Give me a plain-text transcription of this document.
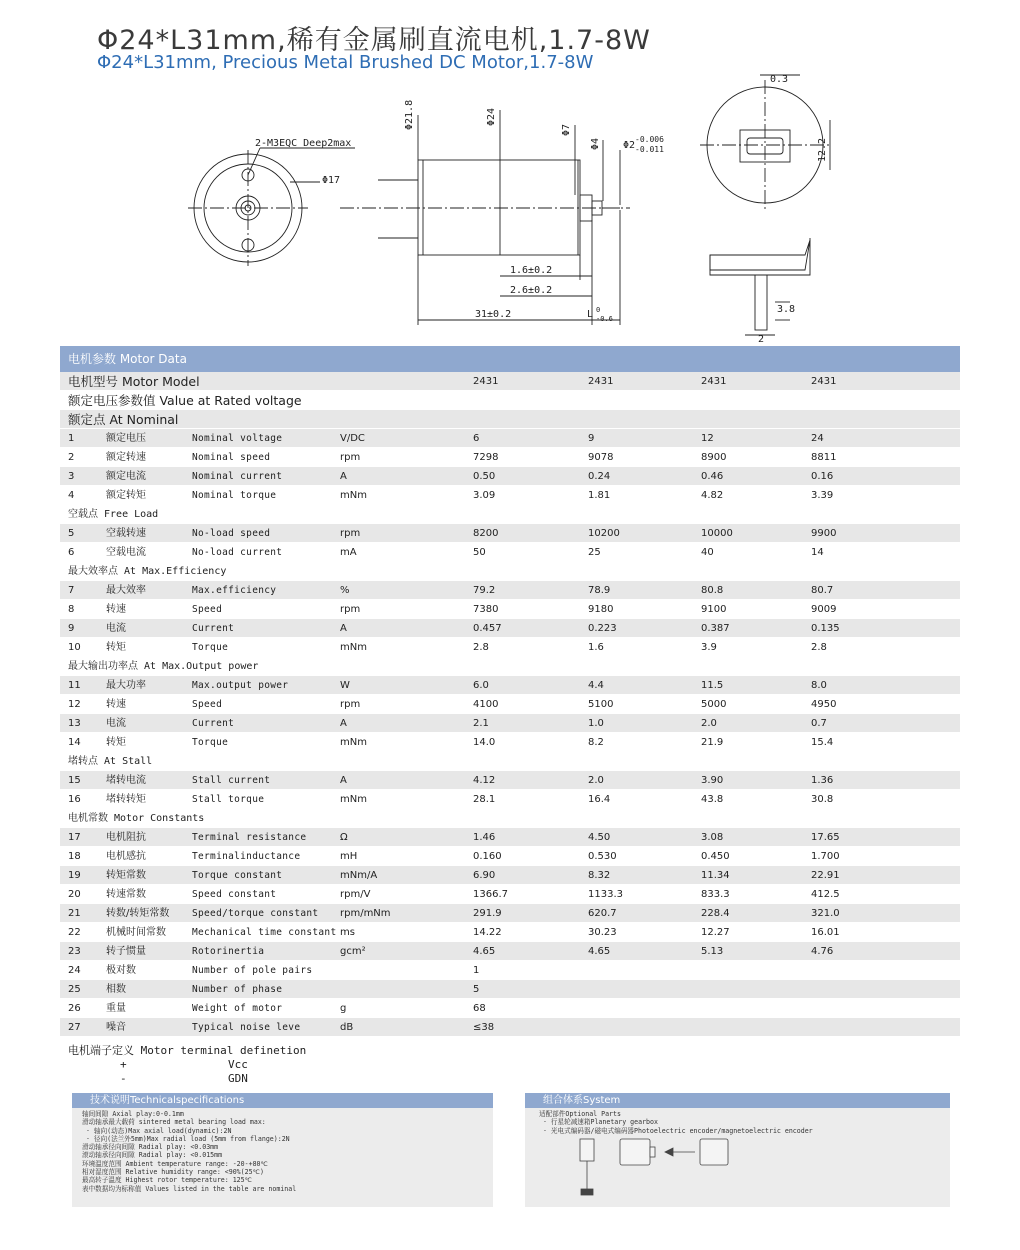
Φ24*L31mm,稀有金属刷直流电机,1.7-8W
Φ24*L31mm, Precious Metal Brushed DC Motor,1.7-8W
2-M3EQC Deep2max
Φ17
Φ21.8	Φ24
Φ7
Φ4 Φ2
-0.006
-0.011
1.6±0.2
2.6±0.2
31±0.2	L 0
-0.6
0.3
12.2
3.8
2
电机参数 Motor Data
电机型号 Motor Model	2431	2431	2431	2431
额定电压参数值 Value at Rated voltage
额定点 At Nominal
1	额定电压	Nominal voltage	V/DC	6	9	12	24
2	额定转速	Nominal speed	rpm	7298	9078	8900	8811
3	额定电流	Nominal current	A	0.50	0.24	0.46	0.16
4	额定转矩	Nominal torque	mNm	3.09	1.81	4.82	3.39
空载点 Free Load
5	空载转速	No-load speed	rpm	8200	10200	10000	9900
6	空载电流	No-load current	mA	50	25	40	14
最大效率点 At Max.Efficiency
7	最大效率	Max.efficiency	%	79.2	78.9	80.8	80.7
8	转速	Speed	rpm	7380	9180	9100	9009
9	电流	Current	A	0.457	0.223	0.387	0.135
10	转矩	Torque	mNm	2.8	1.6	3.9	2.8
最大输出功率点 At Max.Output power
11	最大功率	Max.output power	W	6.0	4.4	11.5	8.0
12	转速	Speed	rpm	4100	5100	5000	4950
13	电流	Current	A	2.1	1.0	2.0	0.7
14	转矩	Torque	mNm	14.0	8.2	21.9	15.4
堵转点 At Stall
15	堵转电流	Stall current	A	4.12	2.0	3.90	1.36
16	堵转转矩	Stall torque	mNm	28.1	16.4	43.8	30.8
电机常数 Motor Constants
17	电机阻抗	Terminal resistance	Ω	1.46	4.50	3.08	17.65
18	电机感抗	Terminalinductance	mH	0.160	0.530	0.450	1.700
19	转矩常数	Torque constant	mNm/A	6.90	8.32	11.34	22.91
20	转速常数	Speed constant	rpm/V	1366.7	1133.3	833.3	412.5
21	转数/转矩常数	Speed/torque constant	rpm/mNm	291.9	620.7	228.4	321.0
22	机械时间常数	Mechanical time constant ms	14.22	30.23	12.27	16.01
23	转子惯量	Rotorinertia	gcm²	4.65	4.65	5.13	4.76
24	极对数	Number of pole pairs	1
25	相数	Number of phase	5
26	重量	Weight of motor	g	68
27	噪音	Typical noise leve	dB	≤38
电机端子定义 Motor terminal definetion
+	Vcc
-	GDN
技术说明Technicalspecifications
轴间间隙 Axial play:0-0.1mm
滑动轴承最大载荷 sintered metal bearing load max:
· 轴向(动态)Max axial load(dynamic):2N
· 径向(法兰外5mm)Max radial load (5mm from flange):2N
滑动轴承径向间隙 Radial play: <0.03mm
滚动轴承径向间隙 Radial play: <0.015mm
环境温度范围 Ambient temperature range: -20-+80℃
相对湿度范围 Relative humidity range: <90%(25℃)
最高转子温度 Highest rotor temperature: 125℃
表中数据均为标称值 Values listed in the table are nominal
组合体系System
适配部件Optional Parts
· 行星轮减速箱Planetary gearbox
· 光电式编码器/磁电式编码器Photoelectric encoder/magnetoelectric encoder
